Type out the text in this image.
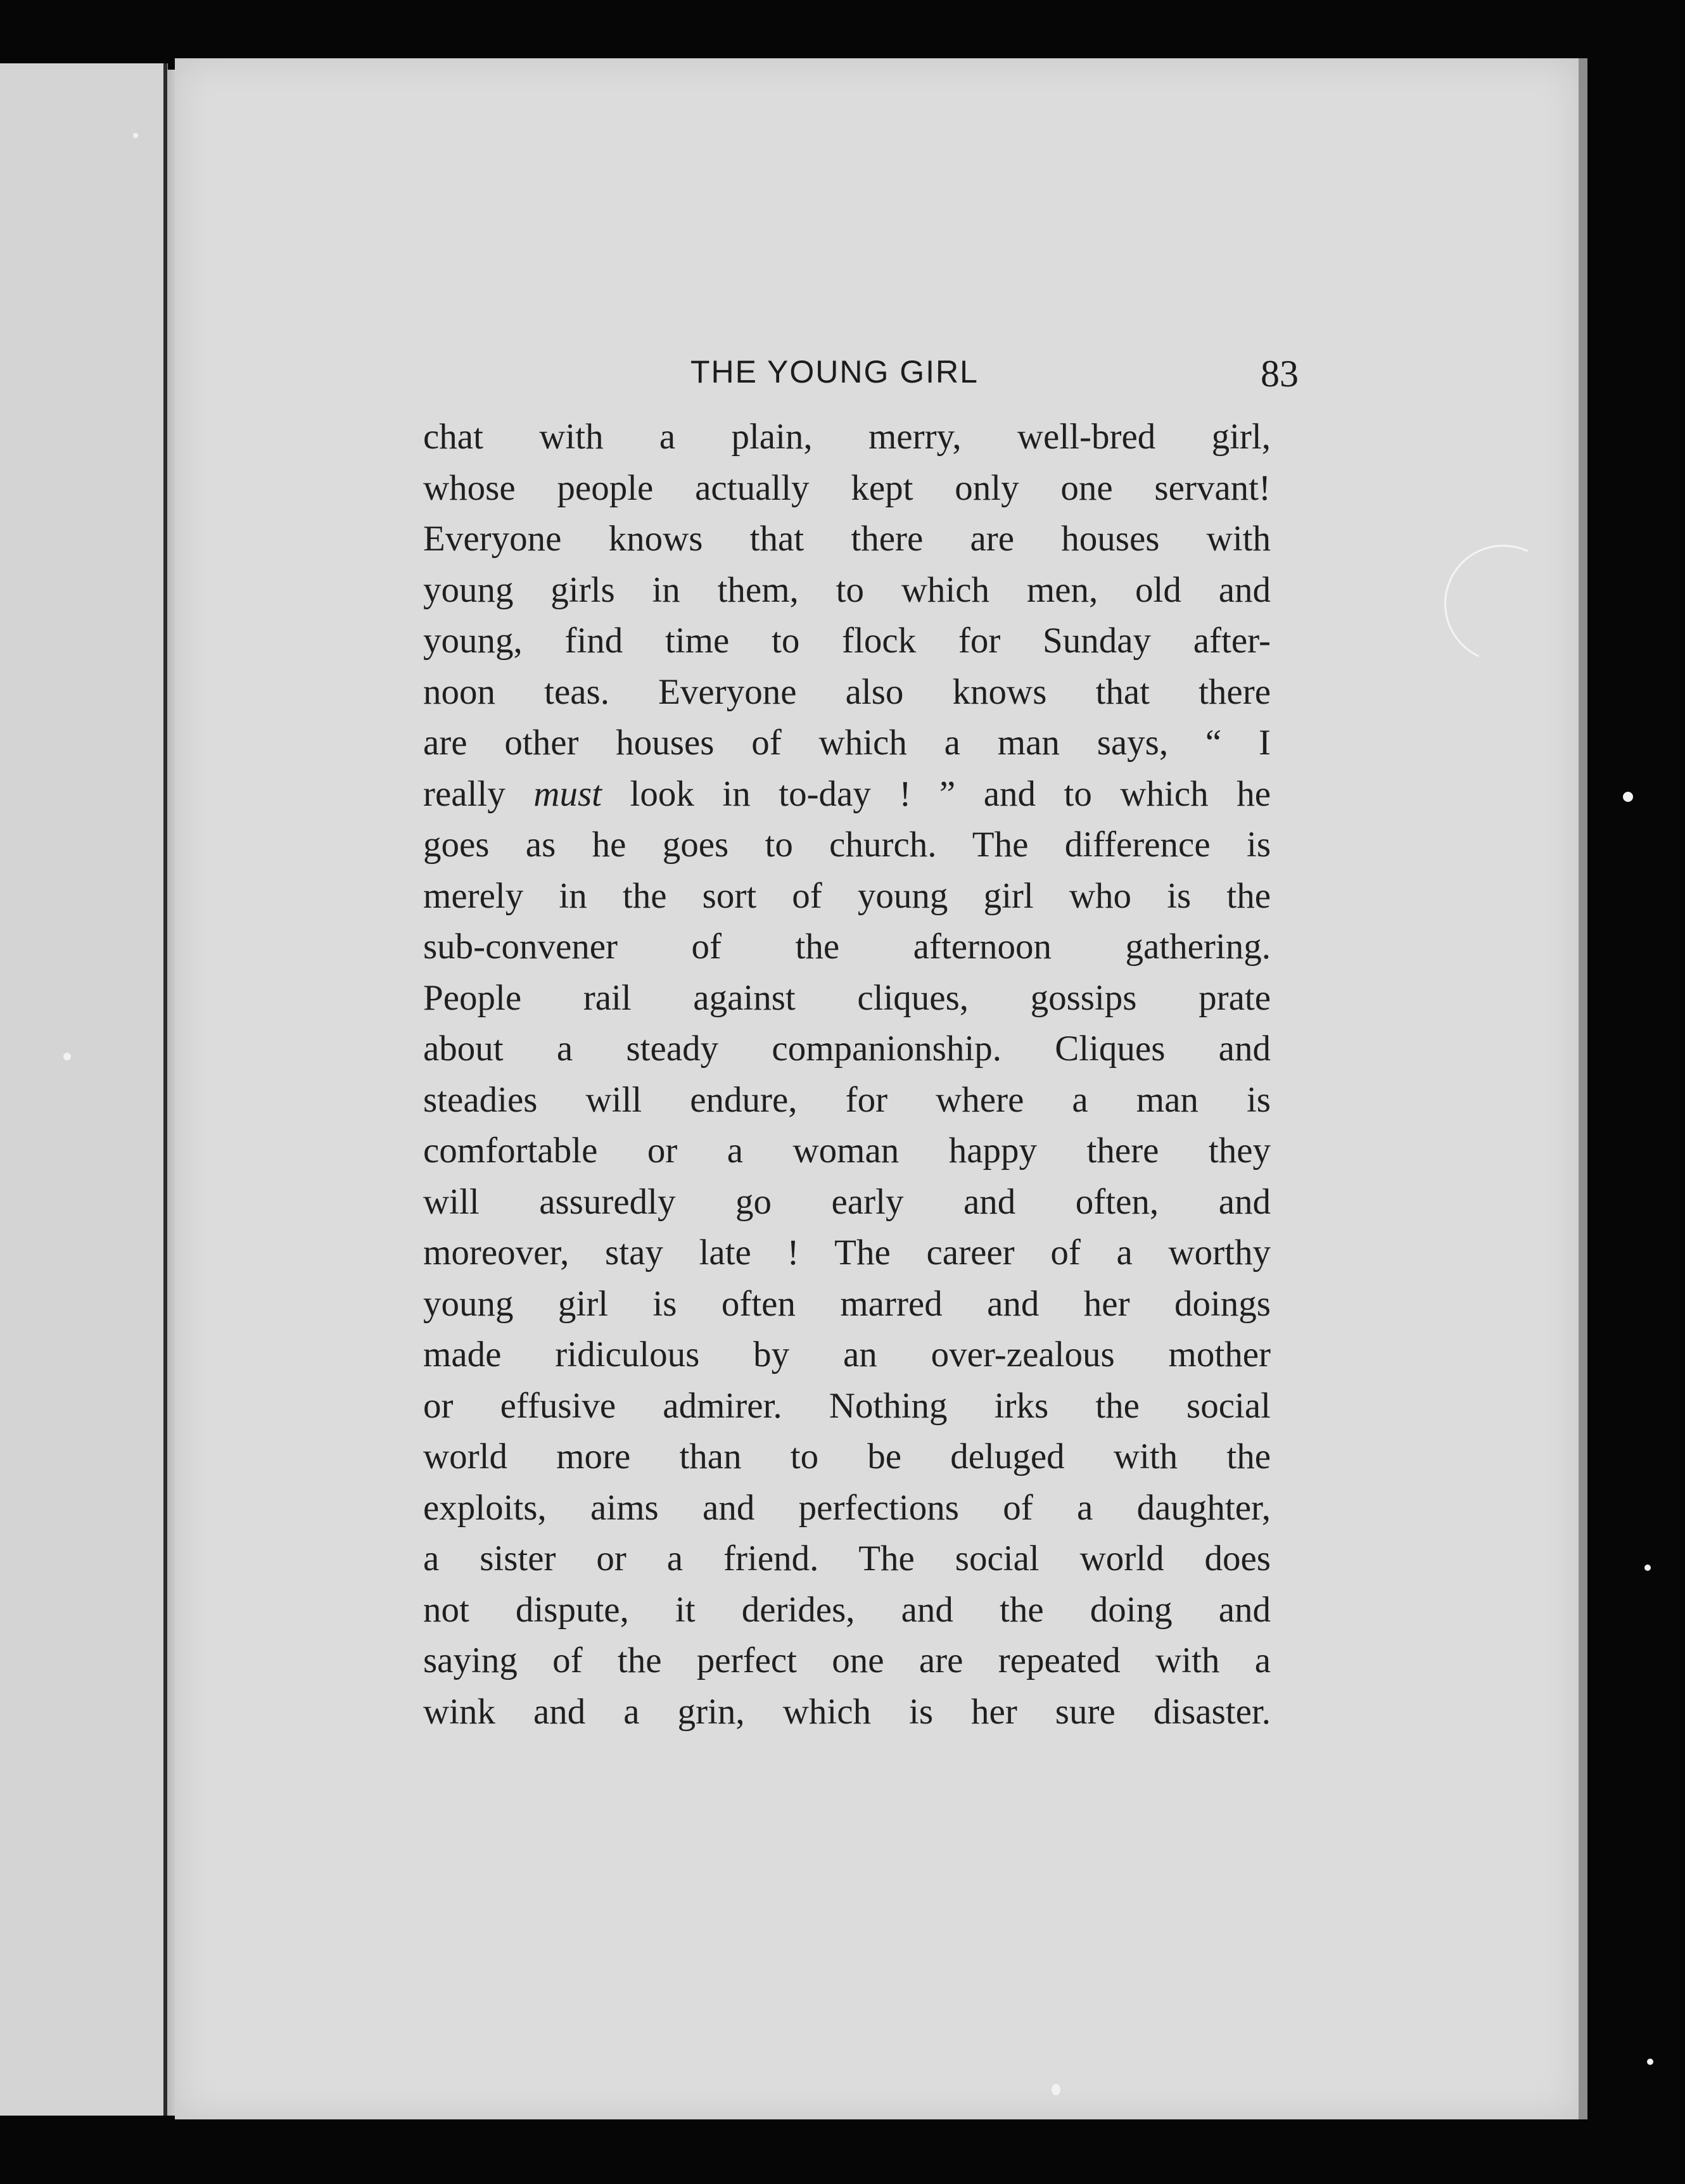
THE YOUNG GIRL	83
chat with a plain, merry, well-bred girl,
whose people actually kept only one servant!
Everyone knows that there are houses with
young girls in them, to which men, old and
young, find time to flock for Sunday after-
noon teas. Everyone also knows that there
are other houses of which a man says, “ I
really must look in to-day ! ” and to which he
goes as he goes to church. The difference is
merely in the sort of young girl who is the
sub-convener of the afternoon gathering.
People rail against cliques, gossips prate
about a steady companionship. Cliques and
steadies will endure, for where a man is
comfortable or a woman happy there they
will assuredly go early and often, and
moreover, stay late ! The career of a worthy
young girl is often marred and her doings
made ridiculous by an over-zealous mother
or effusive admirer. Nothing irks the social
world more than to be deluged with the
exploits, aims and perfections of a daughter,
a sister or a friend. The social world does
not dispute, it derides, and the doing and
saying of the perfect one are repeated with a
wink and a grin, which is her sure disaster.
